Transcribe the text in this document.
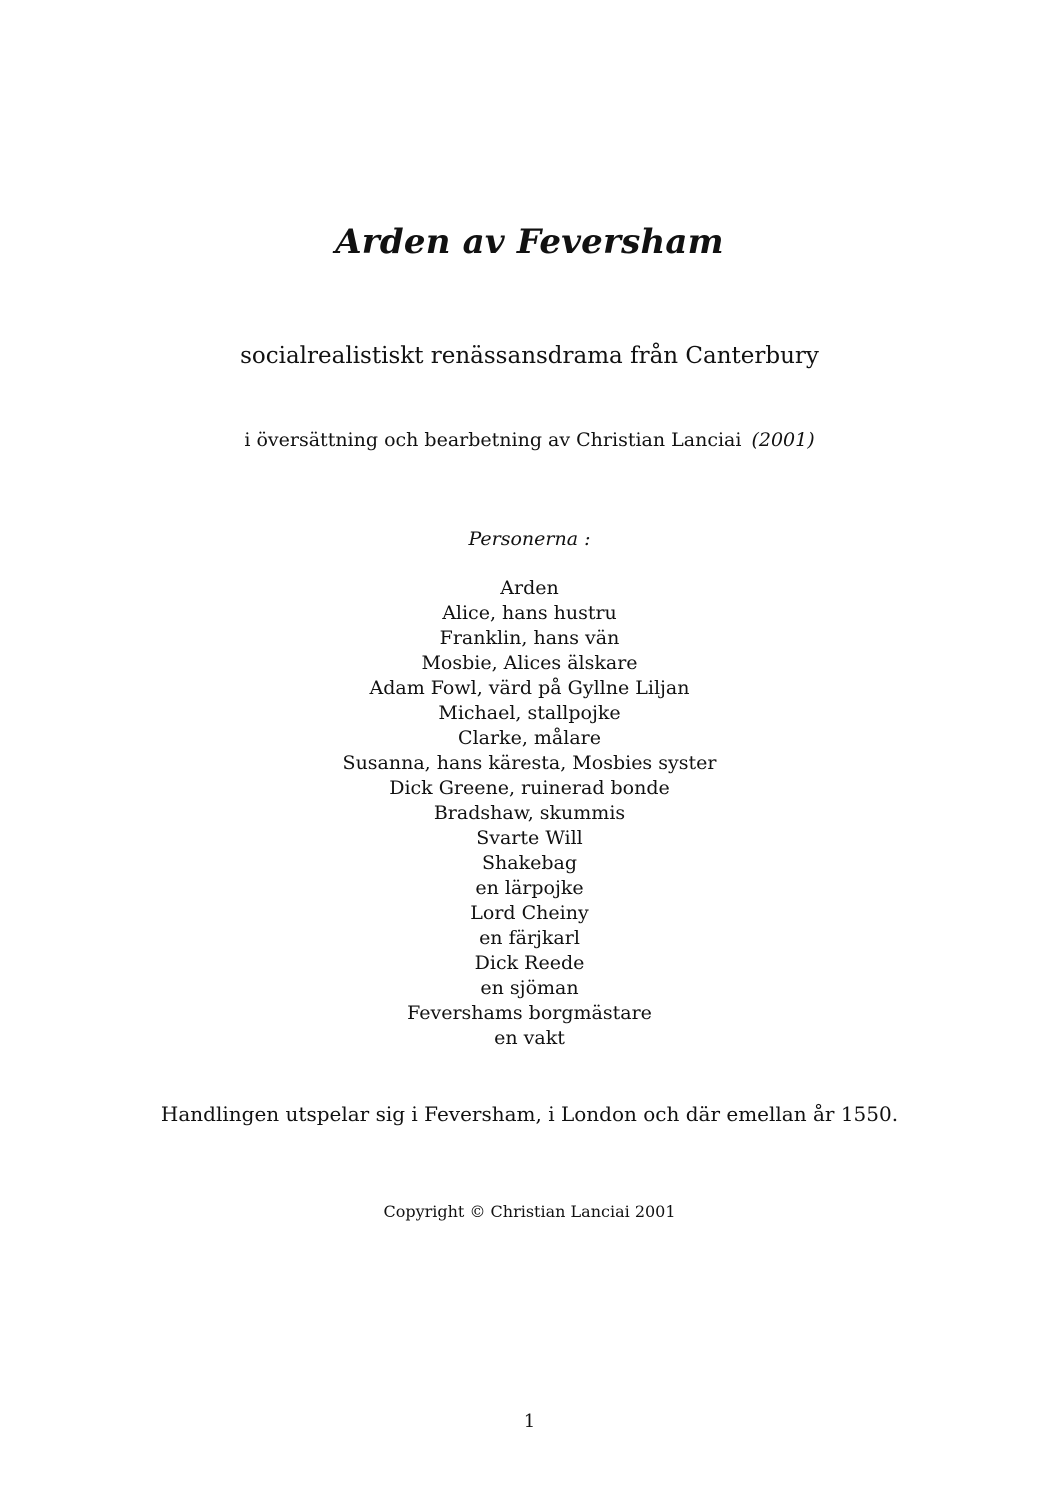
Arden av Feversham
socialrealistiskt renässansdrama från Canterbury
i översättning och bearbetning av Christian Lanciai (2001)
Personerna :
Arden
Alice, hans hustru
Franklin, hans vän
Mosbie, Alices älskare
Adam Fowl, värd på Gyllne Liljan
Michael, stallpojke
Clarke, målare
Susanna, hans käresta, Mosbies syster
Dick Greene, ruinerad bonde
Bradshaw, skummis
Svarte Will
Shakebag
en lärpojke
Lord Cheiny
en färjkarl
Dick Reede
en sjöman
Fevershams borgmästare
en vakt
Handlingen utspelar sig i Feversham, i London och där emellan år 1550.
Copyright © Christian Lanciai 2001
1
